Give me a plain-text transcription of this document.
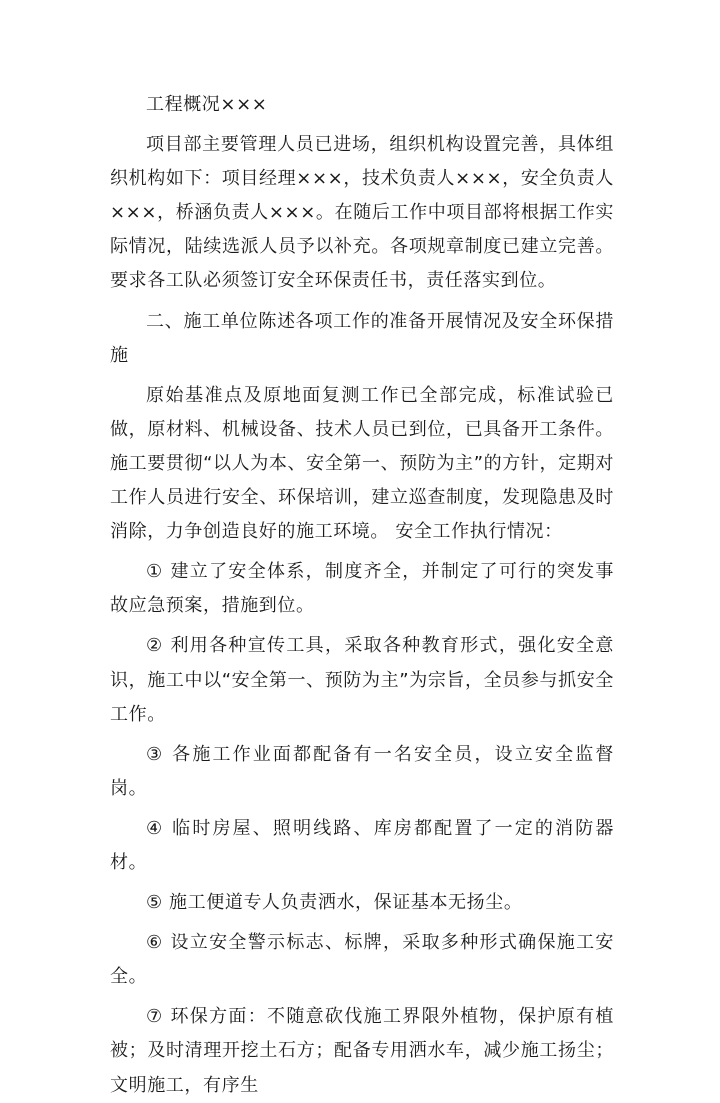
工程概况×××

项目部主要管理人员已进场，组织机构设置完善，具体组织机构如下：项目经理×××，技术负责人×××，安全负责人×××，桥涵负责人×××。在随后工作中项目部将根据工作实际情况，陆续选派人员予以补充。各项规章制度已建立完善。要求各工队必须签订安全环保责任书，责任落实到位。

二、施工单位陈述各项工作的准备开展情况及安全环保措施

原始基准点及原地面复测工作已全部完成，标准试验已做，原材料、机械设备、技术人员已到位，已具备开工条件。施工要贯彻“以人为本、安全第一、预防为主”的方针，定期对工作人员进行安全、环保培训，建立巡查制度，发现隐患及时消除，力争创造良好的施工环境。 安全工作执行情况：

① 建立了安全体系，制度齐全，并制定了可行的突发事故应急预案，措施到位。

② 利用各种宣传工具，采取各种教育形式，强化安全意识，施工中以“安全第一、预防为主”为宗旨，全员参与抓安全工作。

③ 各施工作业面都配备有一名安全员，设立安全监督岗。

④ 临时房屋、照明线路、库房都配置了一定的消防器材。

⑤ 施工便道专人负责洒水，保证基本无扬尘。

⑥ 设立安全警示标志、标牌，采取多种形式确保施工安全。

⑦ 环保方面：不随意砍伐施工界限外植物，保护原有植被；及时清理开挖土石方；配备专用洒水车，减少施工扬尘；文明施工，有序生
